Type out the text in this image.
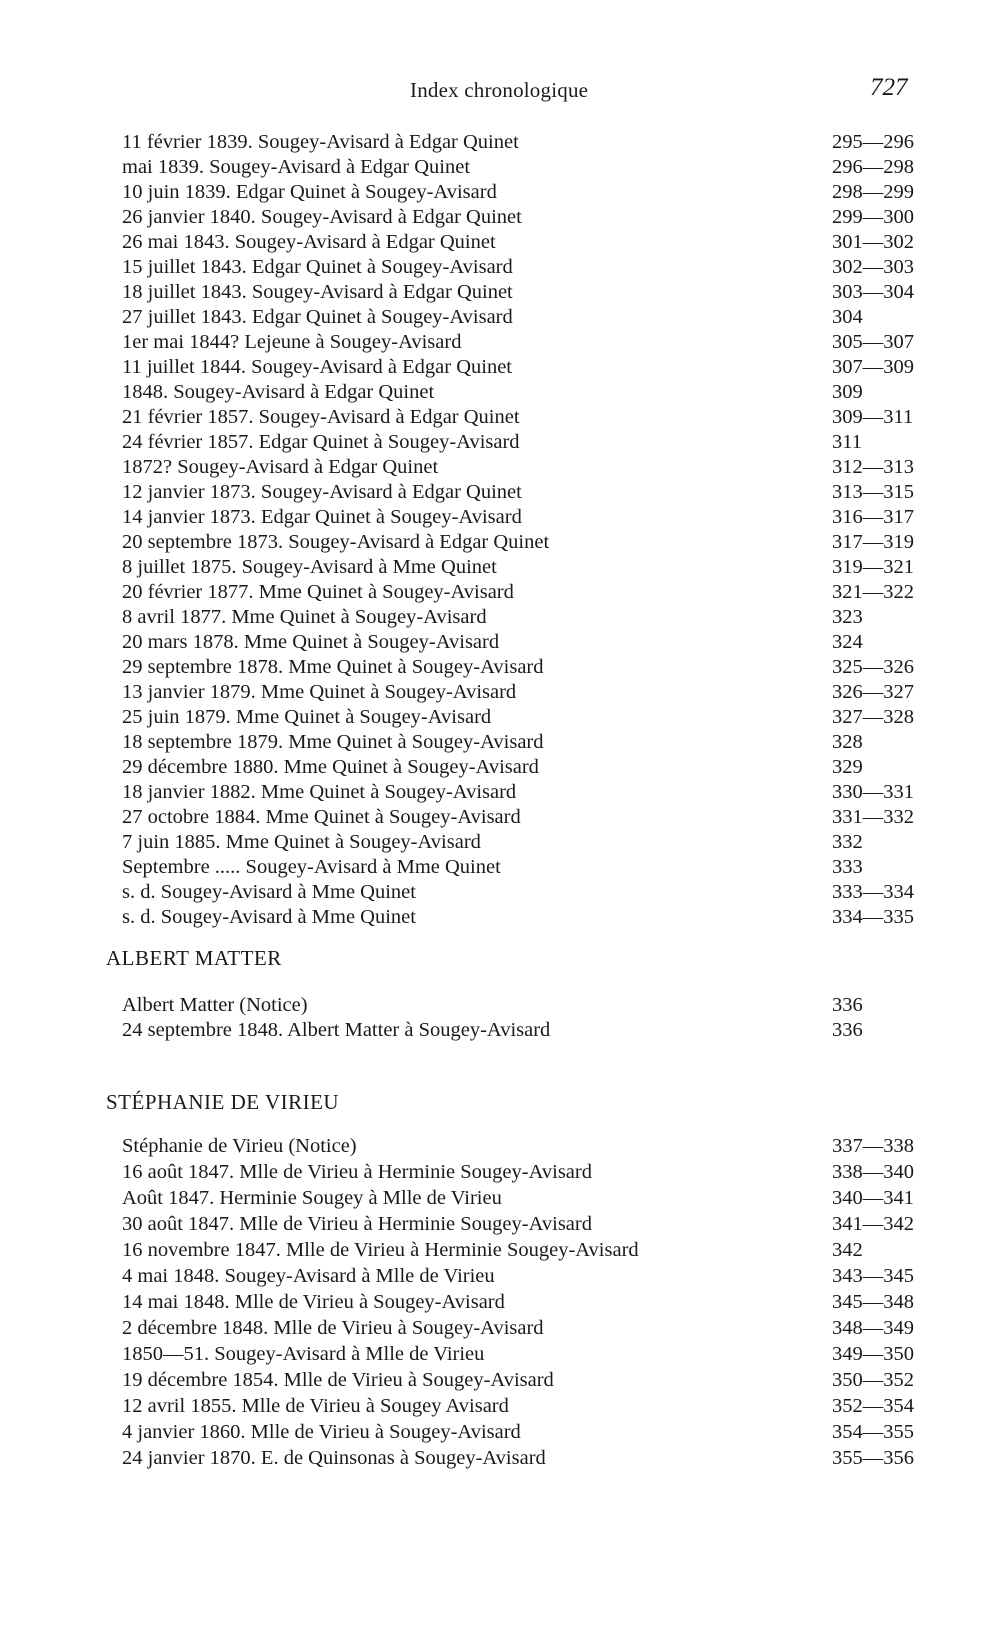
Index chronologique	727
11 février 1839. Sougey-Avisard à Edgar Quinet	295—296
mai 1839. Sougey-Avisard à Edgar Quinet	296—298
10 juin 1839. Edgar Quinet à Sougey-Avisard	298—299
26 janvier 1840. Sougey-Avisard à Edgar Quinet	299—300
26 mai 1843. Sougey-Avisard à Edgar Quinet	301—302
15 juillet 1843. Edgar Quinet à Sougey-Avisard	302—303
18 juillet 1843. Sougey-Avisard à Edgar Quinet	303—304
27 juillet 1843. Edgar Quinet à Sougey-Avisard	304
1er mai 1844? Lejeune à Sougey-Avisard	305—307
11 juillet 1844. Sougey-Avisard à Edgar Quinet	307—309
1848. Sougey-Avisard à Edgar Quinet	309
21 février 1857. Sougey-Avisard à Edgar Quinet	309—311
24 février 1857. Edgar Quinet à Sougey-Avisard	311
1872? Sougey-Avisard à Edgar Quinet	312—313
12 janvier 1873. Sougey-Avisard à Edgar Quinet	313—315
14 janvier 1873. Edgar Quinet à Sougey-Avisard	316—317
20 septembre 1873. Sougey-Avisard à Edgar Quinet	317—319
8 juillet 1875. Sougey-Avisard à Mme Quinet	319—321
20 février 1877. Mme Quinet à Sougey-Avisard	321—322
8 avril 1877. Mme Quinet à Sougey-Avisard	323
20 mars 1878. Mme Quinet à Sougey-Avisard	324
29 septembre 1878. Mme Quinet à Sougey-Avisard	325—326
13 janvier 1879. Mme Quinet à Sougey-Avisard	326—327
25 juin 1879. Mme Quinet à Sougey-Avisard	327—328
18 septembre 1879. Mme Quinet à Sougey-Avisard	328
29 décembre 1880. Mme Quinet à Sougey-Avisard	329
18 janvier 1882. Mme Quinet à Sougey-Avisard	330—331
27 octobre 1884. Mme Quinet à Sougey-Avisard	331—332
7 juin 1885. Mme Quinet à Sougey-Avisard	332
Septembre ..... Sougey-Avisard à Mme Quinet	333
s. d. Sougey-Avisard à Mme Quinet	333—334
s. d. Sougey-Avisard à Mme Quinet	334—335
ALBERT MATTER
Albert Matter (Notice)	336
24 septembre 1848. Albert Matter à Sougey-Avisard	336
STÉPHANIE DE VIRIEU
Stéphanie de Virieu (Notice)	337—338
16 août 1847. Mlle de Virieu à Herminie Sougey-Avisard	338—340
Août 1847. Herminie Sougey à Mlle de Virieu	340—341
30 août 1847. Mlle de Virieu à Herminie Sougey-Avisard	341—342
16 novembre 1847. Mlle de Virieu à Herminie Sougey-Avisard	342
4 mai 1848. Sougey-Avisard à Mlle de Virieu	343—345
14 mai 1848. Mlle de Virieu à Sougey-Avisard	345—348
2 décembre 1848. Mlle de Virieu à Sougey-Avisard	348—349
1850—51. Sougey-Avisard à Mlle de Virieu	349—350
19 décembre 1854. Mlle de Virieu à Sougey-Avisard	350—352
12 avril 1855. Mlle de Virieu à Sougey Avisard	352—354
4 janvier 1860. Mlle de Virieu à Sougey-Avisard	354—355
24 janvier 1870. E. de Quinsonas à Sougey-Avisard	355—356
